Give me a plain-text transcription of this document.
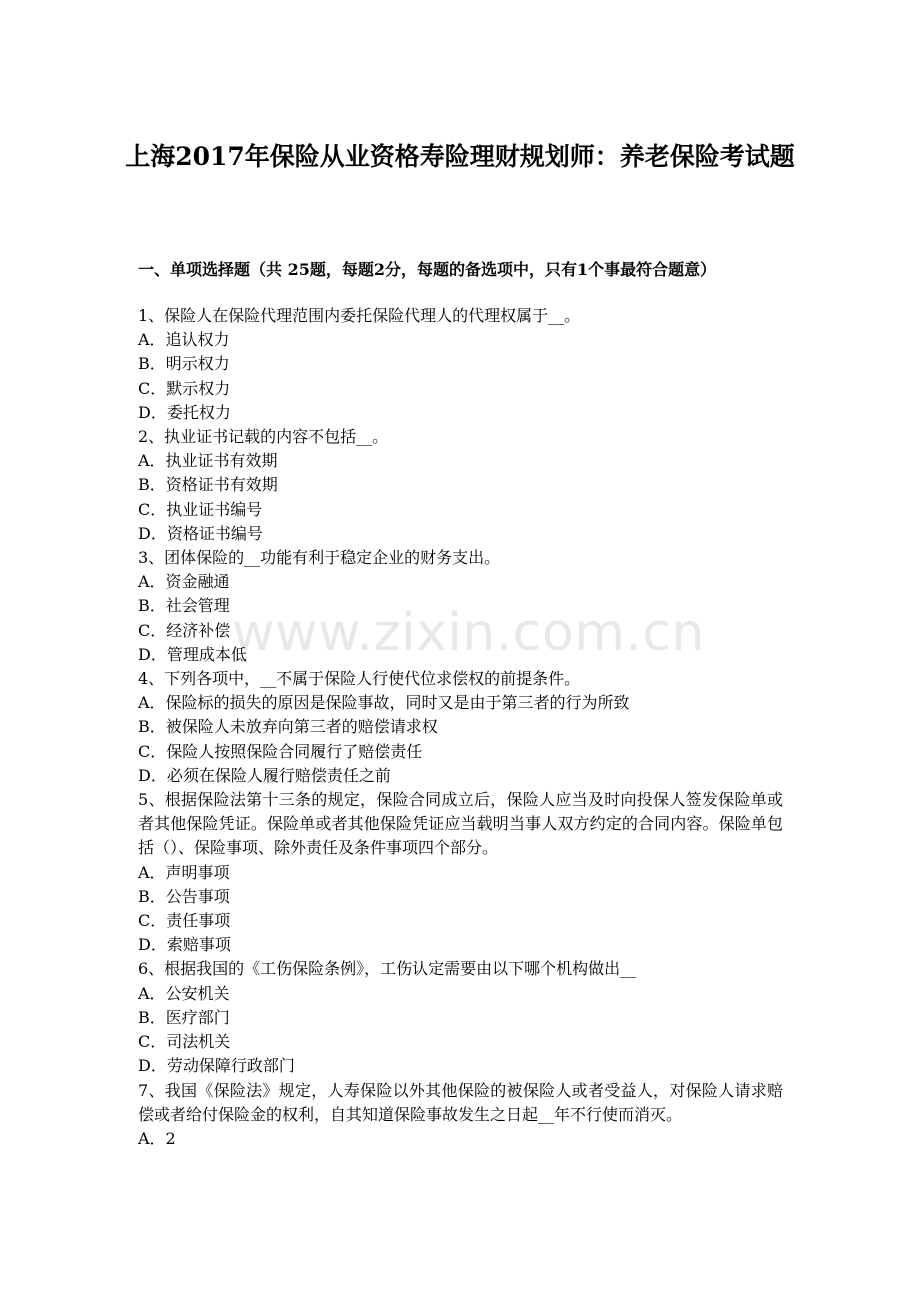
上海2017年保险从业资格寿险理财规划师：养老保险考试题
一、单项选择题（共 25题，每题2分，每题的备选项中，只有1个事最符合题意）
1、保险人在保险代理范围内委托保险代理人的代理权属于__。
A．追认权力
B．明示权力
C．默示权力
D．委托权力
2、执业证书记载的内容不包括__。
A．执业证书有效期
B．资格证书有效期
C．执业证书编号
D．资格证书编号
3、团体保险的__功能有利于稳定企业的财务支出。
A．资金融通
B．社会管理
C．经济补偿
D．管理成本低
4、下列各项中，__不属于保险人行使代位求偿权的前提条件。
A．保险标的损失的原因是保险事故，同时又是由于第三者的行为所致
B．被保险人未放弃向第三者的赔偿请求权
C．保险人按照保险合同履行了赔偿责任
D．必须在保险人履行赔偿责任之前
5、根据保险法第十三条的规定，保险合同成立后，保险人应当及时向投保人签发保险单或者其他保险凭证。保险单或者其他保险凭证应当载明当事人双方约定的合同内容。保险单包括（）、保险事项、除外责任及条件事项四个部分。
A．声明事项
B．公告事项
C．责任事项
D．索赔事项
6、根据我国的《工伤保险条例》，工伤认定需要由以下哪个机构做出__
A．公安机关
B．医疗部门
C．司法机关
D．劳动保障行政部门
7、我国《保险法》规定，人寿保险以外其他保险的被保险人或者受益人，对保险人请求赔偿或者给付保险金的权利，自其知道保险事故发生之日起__年不行使而消灭。
A．2
www.zixin.com.cn
